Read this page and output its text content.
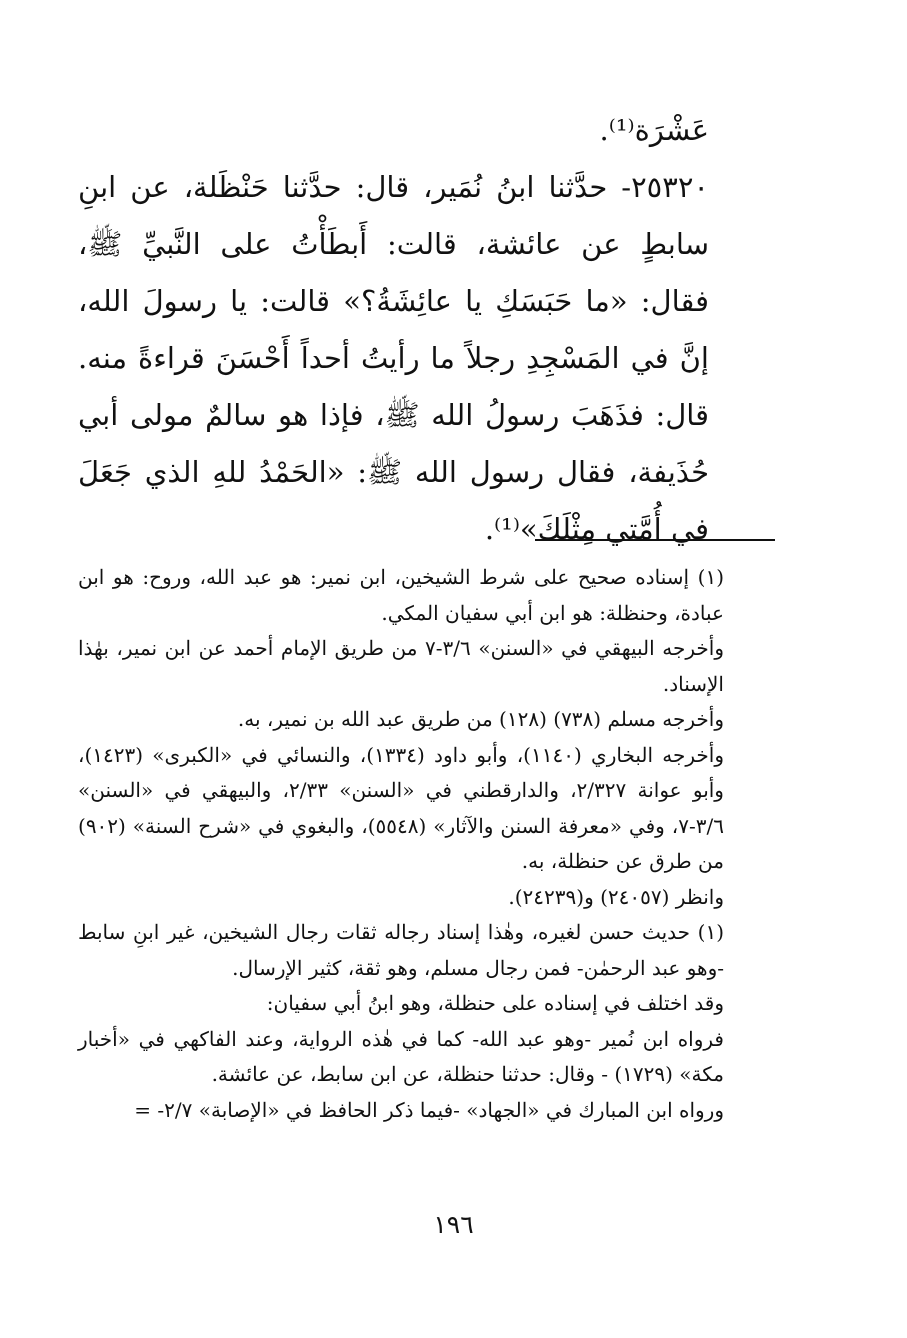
عَشْرَة⁽¹⁾.

٢٥٣٢٠- حدَّثنا ابنُ نُمَير، قال: حدَّثنا حَنْظَلة، عن ابنِ سابطٍ عن عائشة، قالت: أَبطَأْتُ على النَّبيِّ ﷺ، فقال: «ما حَبَسَكِ يا عائِشَةُ؟» قالت: يا رسولَ الله، إنَّ في المَسْجِدِ رجلاً ما رأيتُ أحداً أَحْسَنَ قراءةً منه. قال: فذَهَبَ رسولُ الله ﷺ، فإذا هو سالمٌ مولى أبي حُذَيفة، فقال رسول الله ﷺ: «الحَمْدُ للهِ الذي جَعَلَ في أُمَّتي مِثْلَكَ»⁽¹⁾.

(١) إسناده صحيح على شرط الشيخين، ابن نمير: هو عبد الله، وروح: هو ابن عبادة، وحنظلة: هو ابن أبي سفيان المكي.

وأخرجه البيهقي في «السنن» ٣/٦-٧ من طريق الإمام أحمد عن ابن نمير، بهٰذا الإسناد.

وأخرجه مسلم (٧٣٨) (١٢٨) من طريق عبد الله بن نمير، به.

وأخرجه البخاري (١١٤٠)، وأبو داود (١٣٣٤)، والنسائي في «الكبرى» (١٤٢٣)، وأبو عوانة ٢/٣٢٧، والدارقطني في «السنن» ٢/٣٣، والبيهقي في «السنن» ٣/٦-٧، وفي «معرفة السنن والآثار» (٥٥٤٨)، والبغوي في «شرح السنة» (٩٠٢) من طرق عن حنظلة، به.

وانظر (٢٤٠٥٧) و(٢٤٢٣٩).

(١) حديث حسن لغيره، وهٰذا إسناد رجاله ثقات رجال الشيخين، غير ابنِ سابط -وهو عبد الرحمٰن- فمن رجال مسلم، وهو ثقة، كثير الإرسال.

وقد اختلف في إسناده على حنظلة، وهو ابنُ أبي سفيان:

فرواه ابن نُمير -وهو عبد الله- كما في هٰذه الرواية، وعند الفاكهي في «أخبار مكة» (١٧٢٩) - وقال: حدثنا حنظلة، عن ابن سابط، عن عائشة.

ورواه ابن المبارك في «الجهاد» -فيما ذكر الحافظ في «الإصابة» ٢/٧- =

١٩٦
